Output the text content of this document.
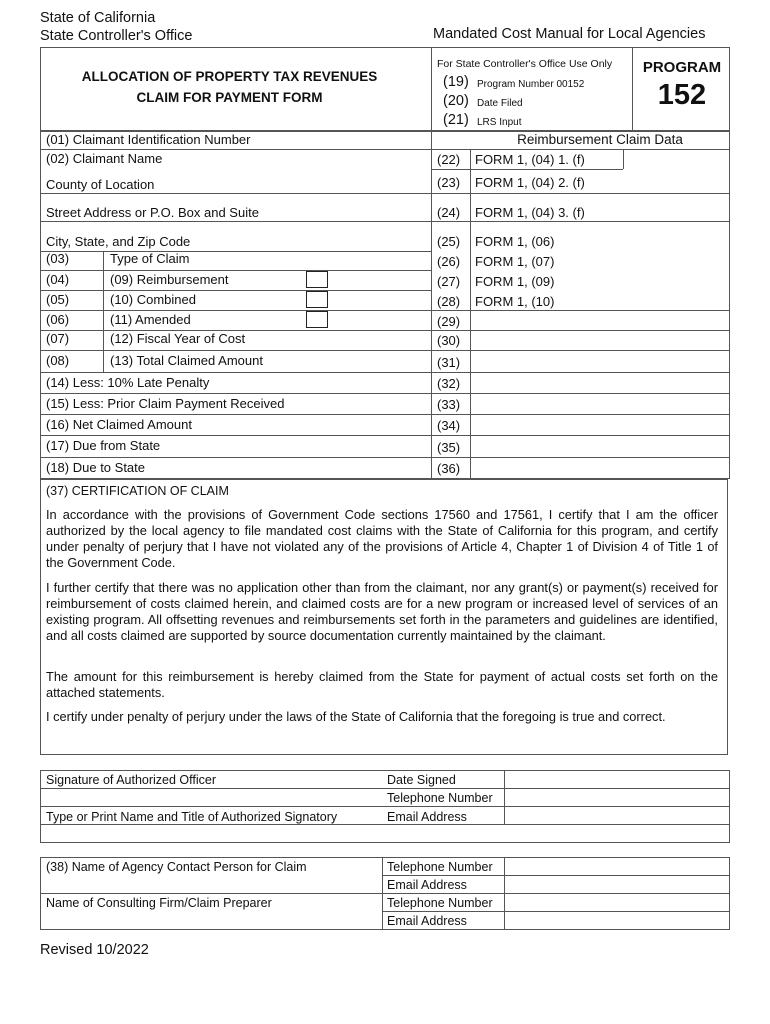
State of California
State Controller's Office	Mandated Cost Manual for Local Agencies
ALLOCATION OF PROPERTY TAX REVENUES
CLAIM FOR PAYMENT FORM
For State Controller's Office Use Only
(19) Program Number 00152
(20) Date Filed
(21) LRS Input
PROGRAM
152
(01) Claimant Identification Number
(02) Claimant Name
County of Location
Street Address or P.O. Box and Suite
City, State, and Zip Code
(03)	Type of Claim
(04)	(09) Reimbursement
(05)	(10) Combined
(06)	(11) Amended
(07)	(12) Fiscal Year of Cost
(08)	(13) Total Claimed Amount
(14) Less: 10% Late Penalty
(15) Less: Prior Claim Payment Received
(16) Net Claimed Amount
(17) Due from State
(18) Due to State
Reimbursement Claim Data
(22) FORM 1, (04) 1. (f)
(23) FORM 1, (04) 2. (f)
(24) FORM 1, (04) 3. (f)
(25) FORM 1, (06)
(26) FORM 1, (07)
(27) FORM 1, (09)
(28) FORM 1, (10)
(29)
(30)
(31)
(32)
(33)
(34)
(35)
(36)
(37) CERTIFICATION OF CLAIM

In accordance with the provisions of Government Code sections 17560 and 17561, I certify that I am the officer authorized by the local agency to file mandated cost claims with the State of California for this program, and certify under penalty of perjury that I have not violated any of the provisions of Article 4, Chapter 1 of Division 4 of Title 1 of the Government Code.

I further certify that there was no application other than from the claimant, nor any grant(s) or payment(s) received for reimbursement of costs claimed herein, and claimed costs are for a new program or increased level of services of an existing program. All offsetting revenues and reimbursements set forth in the parameters and guidelines are identified, and all costs claimed are supported by source documentation currently maintained by the claimant.

The amount for this reimbursement is hereby claimed from the State for payment of actual costs set forth on the attached statements.

I certify under penalty of perjury under the laws of the State of California that the foregoing is true and correct.

Signature of Authorized Officer	Date Signed
Telephone Number
Type or Print Name and Title of Authorized Signatory	Email Address
(38) Name of Agency Contact Person for Claim	Telephone Number
Email Address
Name of Consulting Firm/Claim Preparer	Telephone Number
Email Address
Revised 10/2022
